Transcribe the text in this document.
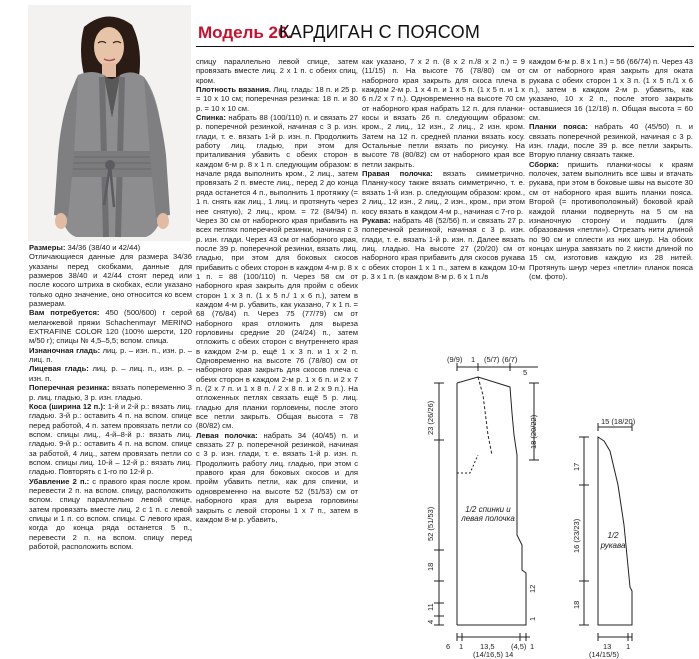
Модель 26.
КАРДИГАН С ПОЯСОМ

Размеры: 34/36 (38/40 и 42/44)

Отличающиеся данные для размера 34/36 указаны перед скобками, данные для размеров 38/40 и 42/44 стоят перед или после косого штриха в скобках, если указано только одно значение, оно относится ко всем размерам.

Вам потребуется: 450 (500/600) г серой меланжевой пряжи Schachenmayr MERINO EXTRAFINE COLOR 120 (100% шерсти, 120 м/50 г); спицы № 4,5–5,5; вспом. спица.

Изнаночная гладь: лиц. р. – изн. п., изн. р. – лиц. п.

Лицевая гладь: лиц. р. – лиц. п., изн. р. – изн. п.

Поперечная резинка: вязать попеременно 3 р. лиц. гладью, 3 р. изн. гладью.

Коса (ширина 12 п.): 1-й и 2-й р.: вязать лиц. гладью. 3-й р.: оставить 4 п. на вспом. спице перед работой, 4 п. затем провязать петли со вспом. спицы лиц., 4-й–8-й р.: вязать лиц. гладью. 9-й р.: оставить 4 п. на вспом. спице за работой, 4 лиц., затем провязать петли со вспом. спицы лиц. 10-й – 12-й р.: вязать лиц. гладью. Повторять с 1-го по 12-й р.

Убавление 2 п.: с правого края после кром. перевести 2 п. на вспом. спицу, расположить вспом. спицу параллельно левой спице, затем провязать вместе лиц. 2 с 1 п. с левой спицы и 1 п. со вспом. спицы. С левого края, когда до конца ряда останется 5 п., перевести 2 п. на вспом. спицу перед работой, расположить вспом.

спицу параллельно левой спице, затем провязать вместе лиц. 2 х 1 п. с обеих спиц, кром.

Плотность вязания. Лиц. гладь: 18 п. и 25 р. = 10 х 10 см; поперечная резинка: 18 п. и 30 р. = 10 х 10 см.

Спинка: набрать 88 (100/110) п. и связать 27 р. поперечной резинкой, начиная с 3 р. изн. глади, т. е. вязать 1-й р. изн. п. Продолжить работу лиц. гладью, при этом для приталивания убавить с обеих сторон в каждом 6-м р. 8 х 1 п. следующим образом: в начале ряда выполнить кром., 2 лиц., затем провязать 2 п. вместе лиц., перед 2 до конца ряда останется 4 п., выполнить 1 протяжку (= 1 п. снять как лиц., 1 лиц. и протянуть через нее снятую), 2 лиц., кром. = 72 (84/94) п. Через 30 см от наборного края прибавить на всех петлях поперечной резинки, начиная с 3 р. изн. глади. Через 43 см от наборного края, после 39 р. поперечной резинки, вязать лиц. гладью, при этом для боковых скосов прибавить с обеих сторон в каждом 4-м р. 8 х 1 п. = 88 (100/110) п. Через 58 см от наборного края закрыть для пройм с обеих сторон 1 х 3 п. (1 х 5 п./ 1 х 6 п.), затем в каждом 4-м р. убавить, как указано, 7 х 1 п. = 68 (76/84) п. Через 75 (77/79) см от наборного края отложить для выреза горловины средние 20 (24/24) п., затем отложить с обеих сторон с внутреннего края в каждом 2-м р. ещё 1 х 3 п. и 1 х 2 п. Одновременно на высоте 76 (78/80) см от наборного края закрыть для скосов плеча с обеих сторон в каждом 2-м р. 1 х 6 п. и 2 х 7 п. (2 х 7 п. и 1 х 8 п. / 2 х 8 п. и 2 х 9 п.). На отложенных петлях связать ещё 5 р. лиц. гладью для планки горловины, после этого все петли закрыть. Общая высота = 78 (80/82) см.

Левая полочка: набрать 34 (40/45) п. и связать 27 р. поперечной резинкой, начиная с 3 р. изн. глади, т. е. вязать 1-й р. изн. п. Продолжить работу лиц. гладью, при этом с правого края для боковых скосов и для пройм убавить петли, как для спинки, и одновременно на высоте 52 (51/53) см от наборного края для выреза горловины закрыть с левой стороны 1 х 7 п., затем в каждом 8-м р. убавить,

как указано, 7 х 2 п. (8 х 2 п./8 х 2 п.) = 9 (11/15) п. На высоте 76 (78/80) см от наборного края закрыть для скоса плеча в каждом 2-м р. 1 х 4 п. и 1 х 5 п. (1 х 5 п. и 1 х 6 п./2 х 7 п.). Одновременно на высоте 70 см от наборного края набрать 12 п. для планки-косы и вязать 26 п. следующим образом: кром., 2 лиц., 12 изн., 2 лиц., 2 изн. кром. Затем на 12 п. средней планки вязать косу. Остальные петли вязать по рисунку. На высоте 78 (80/82) см от наборного края все петли закрыть.

Правая полочка: вязать симметрично. Планку-косу также вязать симметрично, т. е. вязать 1-й изн. р. следующим образом: кром., 2 лиц., 12 изн., 2 лиц., 2 изн., кром., при этом косу вязать в каждом 4-м р., начиная с 7-го р.

Рукава: набрать 48 (52/56) п. и связать 27 р. поперечной резинкой, начиная с 3 р. изн. глади, т. е. вязать 1-й р. изн. п. Далее вязать лиц. гладью. На высоте 27 (20/20) см от наборного края прибавить для скосов рукава с обеих сторон 1 х 1 п., затем в каждом 10-м р. 3 х 1 п. (в каждом 8-м р. 6 х 1 п./в

каждом 6-м р. 8 х 1 п.) = 56 (66/74) п. Через 43 см от наборного края закрыть для оката рукава с обеих сторон 1 х 3 п. (1 х 5 п./1 х 6 п.), затем в каждом 2-м р. убавить, как указано, 10 х 2 п., после этого закрыть оставшиеся 16 (12/18) п. Общая высота = 60 см.

Планки пояса: набрать 40 (45/50) п. и связать поперечной резинкой, начиная с 3 р. изн. глади, после 39 р. все петли закрыть. Вторую планку связать также.

Сборка: пришить планки-косы к краям полочек, затем выполнить все швы и втачать рукава, при этом в боковые швы на высоте 30 см от наборного края вшить планки пояса. Второй (= противоположный) боковой край каждой планки подвернуть на 5 см на изнаночную сторону и подшить (для образования «петли»). Отрезать нити длиной по 90 см и сплести из них шнур. На обоих концах шнура завязать по 2 кисти длиной по 15 см, изготовив каждую из 28 нитей. Протянуть шнур через «петли» планок пояса (см. фото).

(9/9) 1 (5/7) (6/7)
5
18 (20/22)
23 (26/26)
52 (51/53)
18
11
4
12
1
1/2 спинки и левая полочка
6 1 13,5
(14/16,5) 14
(4,5) 1
15 (18/20)
1/2
рукава
17
16 (23/23)
18
13
(14/15/5)
1
